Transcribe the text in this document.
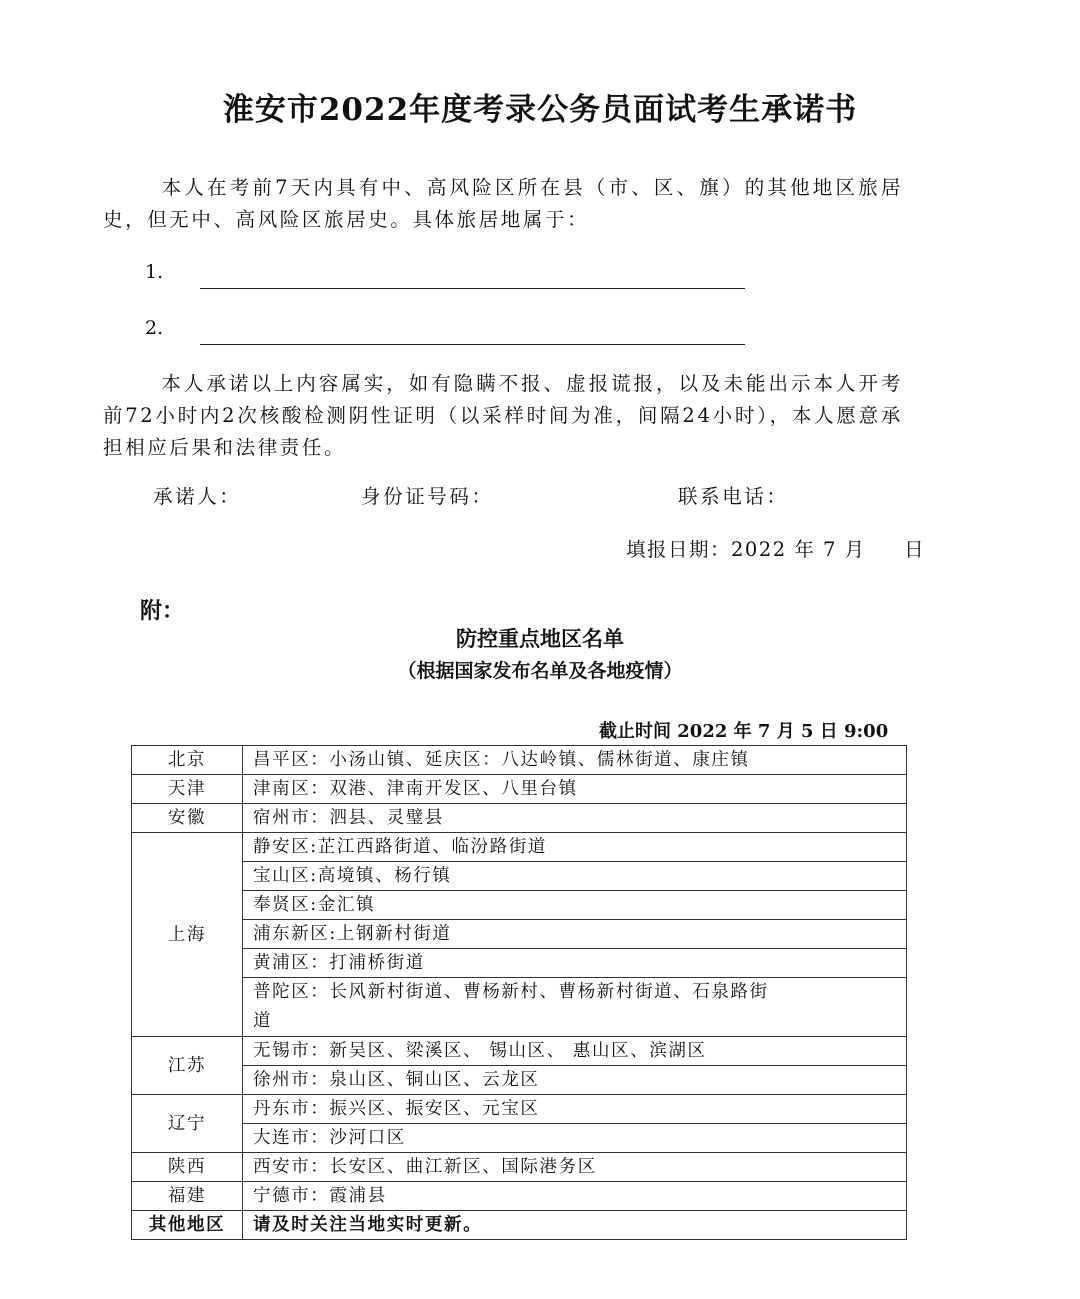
淮安市2022年度考录公务员面试考生承诺书

本人在考前7天内具有中、高风险区所在县（市、区、旗）的其他地区旅居史，但无中、高风险区旅居史。具体旅居地属于：

1.
2.

本人承诺以上内容属实，如有隐瞒不报、虚报谎报，以及未能出示本人开考前72小时内2次核酸检测阴性证明（以采样时间为准，间隔24小时），本人愿意承担相应后果和法律责任。

承诺人：	身份证号码：	联系电话：
填报日期：2022 年 7 月     日
附：
防控重点地区名单
（根据国家发布名单及各地疫情）
截止时间 2022 年 7 月 5 日 9:00
北京	昌平区：小汤山镇、延庆区：八达岭镇、儒林街道、康庄镇
天津	津南区：双港、津南开发区、八里台镇
安徽	宿州市：泗县、灵璧县
上海	静安区:芷江西路街道、临汾路街道
	宝山区:高境镇、杨行镇
	奉贤区:金汇镇
	浦东新区:上钢新村街道
	黄浦区：打浦桥街道
	普陀区：长风新村街道、曹杨新村、曹杨新村街道、石泉路街道
江苏	无锡市：新吴区、梁溪区、 锡山区、 惠山区、滨湖区
	徐州市：泉山区、铜山区、云龙区
辽宁	丹东市：振兴区、振安区、元宝区
	大连市：沙河口区
陕西	西安市：长安区、曲江新区、国际港务区
福建	宁德市：霞浦县
其他地区	请及时关注当地实时更新。
